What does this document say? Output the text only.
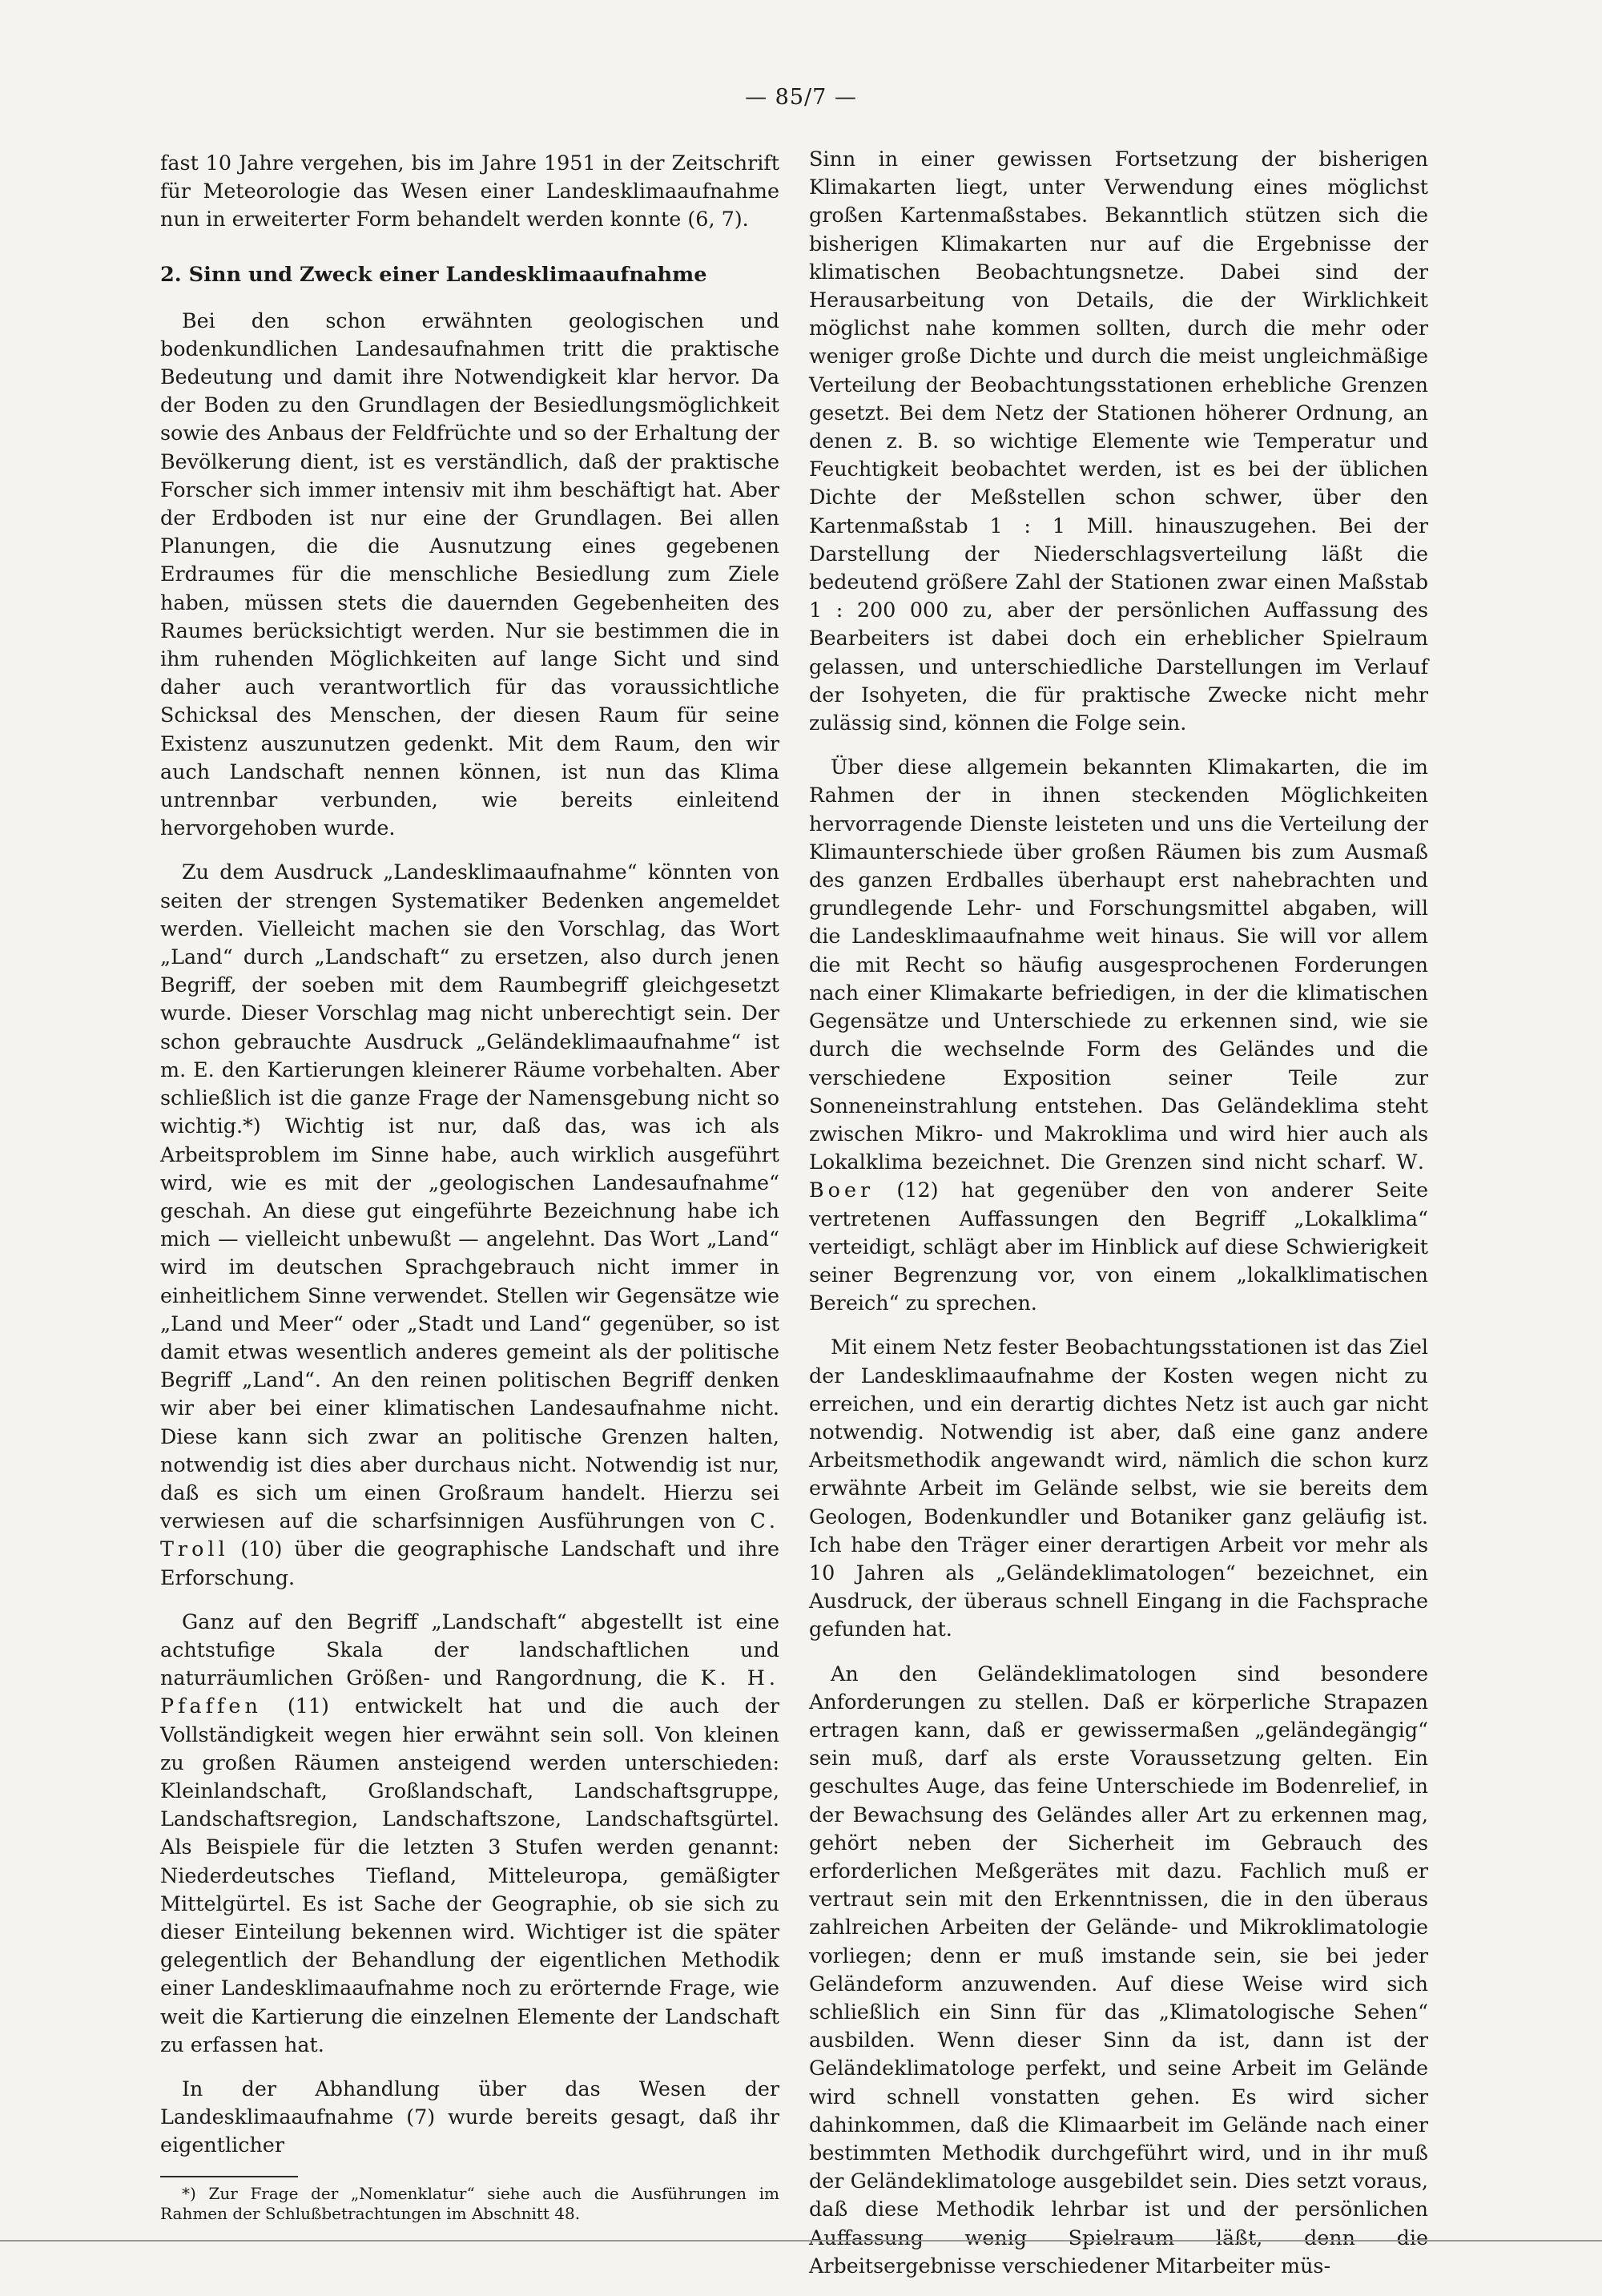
— 85/7 —

fast 10 Jahre vergehen, bis im Jahre 1951 in der Zeitschrift für Meteorologie das Wesen einer Landesklimaaufnahme nun in erweiterter Form behandelt werden konnte (6, 7).

2. Sinn und Zweck einer Landesklimaaufnahme

Bei den schon erwähnten geologischen und bodenkundlichen Landesaufnahmen tritt die praktische Bedeutung und damit ihre Notwendigkeit klar hervor. Da der Boden zu den Grundlagen der Besiedlungsmöglichkeit sowie des Anbaus der Feldfrüchte und so der Erhaltung der Bevölkerung dient, ist es verständlich, daß der praktische Forscher sich immer intensiv mit ihm beschäftigt hat. Aber der Erdboden ist nur eine der Grundlagen. Bei allen Planungen, die die Ausnutzung eines gegebenen Erdraumes für die menschliche Besiedlung zum Ziele haben, müssen stets die dauernden Gegebenheiten des Raumes berücksichtigt werden. Nur sie bestimmen die in ihm ruhenden Möglichkeiten auf lange Sicht und sind daher auch verantwortlich für das voraussichtliche Schicksal des Menschen, der diesen Raum für seine Existenz auszunutzen gedenkt. Mit dem Raum, den wir auch Landschaft nennen können, ist nun das Klima untrennbar verbunden, wie bereits einleitend hervorgehoben wurde.

Zu dem Ausdruck „Landesklimaaufnahme“ könnten von seiten der strengen Systematiker Bedenken angemeldet werden. Vielleicht machen sie den Vorschlag, das Wort „Land“ durch „Landschaft“ zu ersetzen, also durch jenen Begriff, der soeben mit dem Raumbegriff gleichgesetzt wurde. Dieser Vorschlag mag nicht unberechtigt sein. Der schon gebrauchte Ausdruck „Geländeklimaaufnahme“ ist m. E. den Kartierungen kleinerer Räume vorbehalten. Aber schließlich ist die ganze Frage der Namensgebung nicht so wichtig.*) Wichtig ist nur, daß das, was ich als Arbeitsproblem im Sinne habe, auch wirklich ausgeführt wird, wie es mit der „geologischen Landesaufnahme“ geschah. An diese gut eingeführte Bezeichnung habe ich mich — vielleicht unbewußt — angelehnt. Das Wort „Land“ wird im deutschen Sprachgebrauch nicht immer in einheitlichem Sinne verwendet. Stellen wir Gegensätze wie „Land und Meer“ oder „Stadt und Land“ gegenüber, so ist damit etwas wesentlich anderes gemeint als der politische Begriff „Land“. An den reinen politischen Begriff denken wir aber bei einer klimatischen Landesaufnahme nicht. Diese kann sich zwar an politische Grenzen halten, notwendig ist dies aber durchaus nicht. Notwendig ist nur, daß es sich um einen Großraum handelt. Hierzu sei verwiesen auf die scharfsinnigen Ausführungen von C. Troll (10) über die geographische Landschaft und ihre Erforschung.

Ganz auf den Begriff „Landschaft“ abgestellt ist eine achtstufige Skala der landschaftlichen und naturräumlichen Größen- und Rangordnung, die K. H. Pfaffen (11) entwickelt hat und die auch der Vollständigkeit wegen hier erwähnt sein soll. Von kleinen zu großen Räumen ansteigend werden unterschieden: Kleinlandschaft, Großlandschaft, Landschaftsgruppe, Landschaftsregion, Landschaftszone, Landschaftsgürtel. Als Beispiele für die letzten 3 Stufen werden genannt: Niederdeutsches Tiefland, Mitteleuropa, gemäßigter Mittelgürtel. Es ist Sache der Geographie, ob sie sich zu dieser Einteilung bekennen wird. Wichtiger ist die später gelegentlich der Behandlung der eigentlichen Methodik einer Landesklimaaufnahme noch zu erörternde Frage, wie weit die Kartierung die einzelnen Elemente der Landschaft zu erfassen hat.

In der Abhandlung über das Wesen der Landesklimaaufnahme (7) wurde bereits gesagt, daß ihr eigentlicher

*) Zur Frage der „Nomenklatur“ siehe auch die Ausführungen im Rahmen der Schlußbetrachtungen im Abschnitt 48.

Sinn in einer gewissen Fortsetzung der bisherigen Klimakarten liegt, unter Verwendung eines möglichst großen Kartenmaßstabes. Bekanntlich stützen sich die bisherigen Klimakarten nur auf die Ergebnisse der klimatischen Beobachtungsnetze. Dabei sind der Herausarbeitung von Details, die der Wirklichkeit möglichst nahe kommen sollten, durch die mehr oder weniger große Dichte und durch die meist ungleichmäßige Verteilung der Beobachtungsstationen erhebliche Grenzen gesetzt. Bei dem Netz der Stationen höherer Ordnung, an denen z. B. so wichtige Elemente wie Temperatur und Feuchtigkeit beobachtet werden, ist es bei der üblichen Dichte der Meßstellen schon schwer, über den Kartenmaßstab 1 : 1 Mill. hinauszugehen. Bei der Darstellung der Niederschlagsverteilung läßt die bedeutend größere Zahl der Stationen zwar einen Maßstab 1 : 200 000 zu, aber der persönlichen Auffassung des Bearbeiters ist dabei doch ein erheblicher Spielraum gelassen, und unterschiedliche Darstellungen im Verlauf der Isohyeten, die für praktische Zwecke nicht mehr zulässig sind, können die Folge sein.

Über diese allgemein bekannten Klimakarten, die im Rahmen der in ihnen steckenden Möglichkeiten hervorragende Dienste leisteten und uns die Verteilung der Klimaunterschiede über großen Räumen bis zum Ausmaß des ganzen Erdballes überhaupt erst nahebrachten und grundlegende Lehr- und Forschungsmittel abgaben, will die Landesklimaaufnahme weit hinaus. Sie will vor allem die mit Recht so häufig ausgesprochenen Forderungen nach einer Klimakarte befriedigen, in der die klimatischen Gegensätze und Unterschiede zu erkennen sind, wie sie durch die wechselnde Form des Geländes und die verschiedene Exposition seiner Teile zur Sonneneinstrahlung entstehen. Das Geländeklima steht zwischen Mikro- und Makroklima und wird hier auch als Lokalklima bezeichnet. Die Grenzen sind nicht scharf. W. Boer (12) hat gegenüber den von anderer Seite vertretenen Auffassungen den Begriff „Lokalklima“ verteidigt, schlägt aber im Hinblick auf diese Schwierigkeit seiner Begrenzung vor, von einem „lokalklimatischen Bereich“ zu sprechen.

Mit einem Netz fester Beobachtungsstationen ist das Ziel der Landesklimaaufnahme der Kosten wegen nicht zu erreichen, und ein derartig dichtes Netz ist auch gar nicht notwendig. Notwendig ist aber, daß eine ganz andere Arbeitsmethodik angewandt wird, nämlich die schon kurz erwähnte Arbeit im Gelände selbst, wie sie bereits dem Geologen, Bodenkundler und Botaniker ganz geläufig ist. Ich habe den Träger einer derartigen Arbeit vor mehr als 10 Jahren als „Geländeklimatologen“ bezeichnet, ein Ausdruck, der überaus schnell Eingang in die Fachsprache gefunden hat.

An den Geländeklimatologen sind besondere Anforderungen zu stellen. Daß er körperliche Strapazen ertragen kann, daß er gewissermaßen „geländegängig“ sein muß, darf als erste Voraussetzung gelten. Ein geschultes Auge, das feine Unterschiede im Bodenrelief, in der Bewachsung des Geländes aller Art zu erkennen mag, gehört neben der Sicherheit im Gebrauch des erforderlichen Meßgerätes mit dazu. Fachlich muß er vertraut sein mit den Erkenntnissen, die in den überaus zahlreichen Arbeiten der Gelände- und Mikroklimatologie vorliegen; denn er muß imstande sein, sie bei jeder Geländeform anzuwenden. Auf diese Weise wird sich schließlich ein Sinn für das „Klimatologische Sehen“ ausbilden. Wenn dieser Sinn da ist, dann ist der Geländeklimatologe perfekt, und seine Arbeit im Gelände wird schnell vonstatten gehen. Es wird sicher dahinkommen, daß die Klimaarbeit im Gelände nach einer bestimmten Methodik durchgeführt wird, und in ihr muß der Geländeklimatologe ausgebildet sein. Dies setzt voraus, daß diese Methodik lehrbar ist und der persönlichen Auffassung wenig Spielraum läßt, denn die Arbeitsergebnisse verschiedener Mitarbeiter müs-
